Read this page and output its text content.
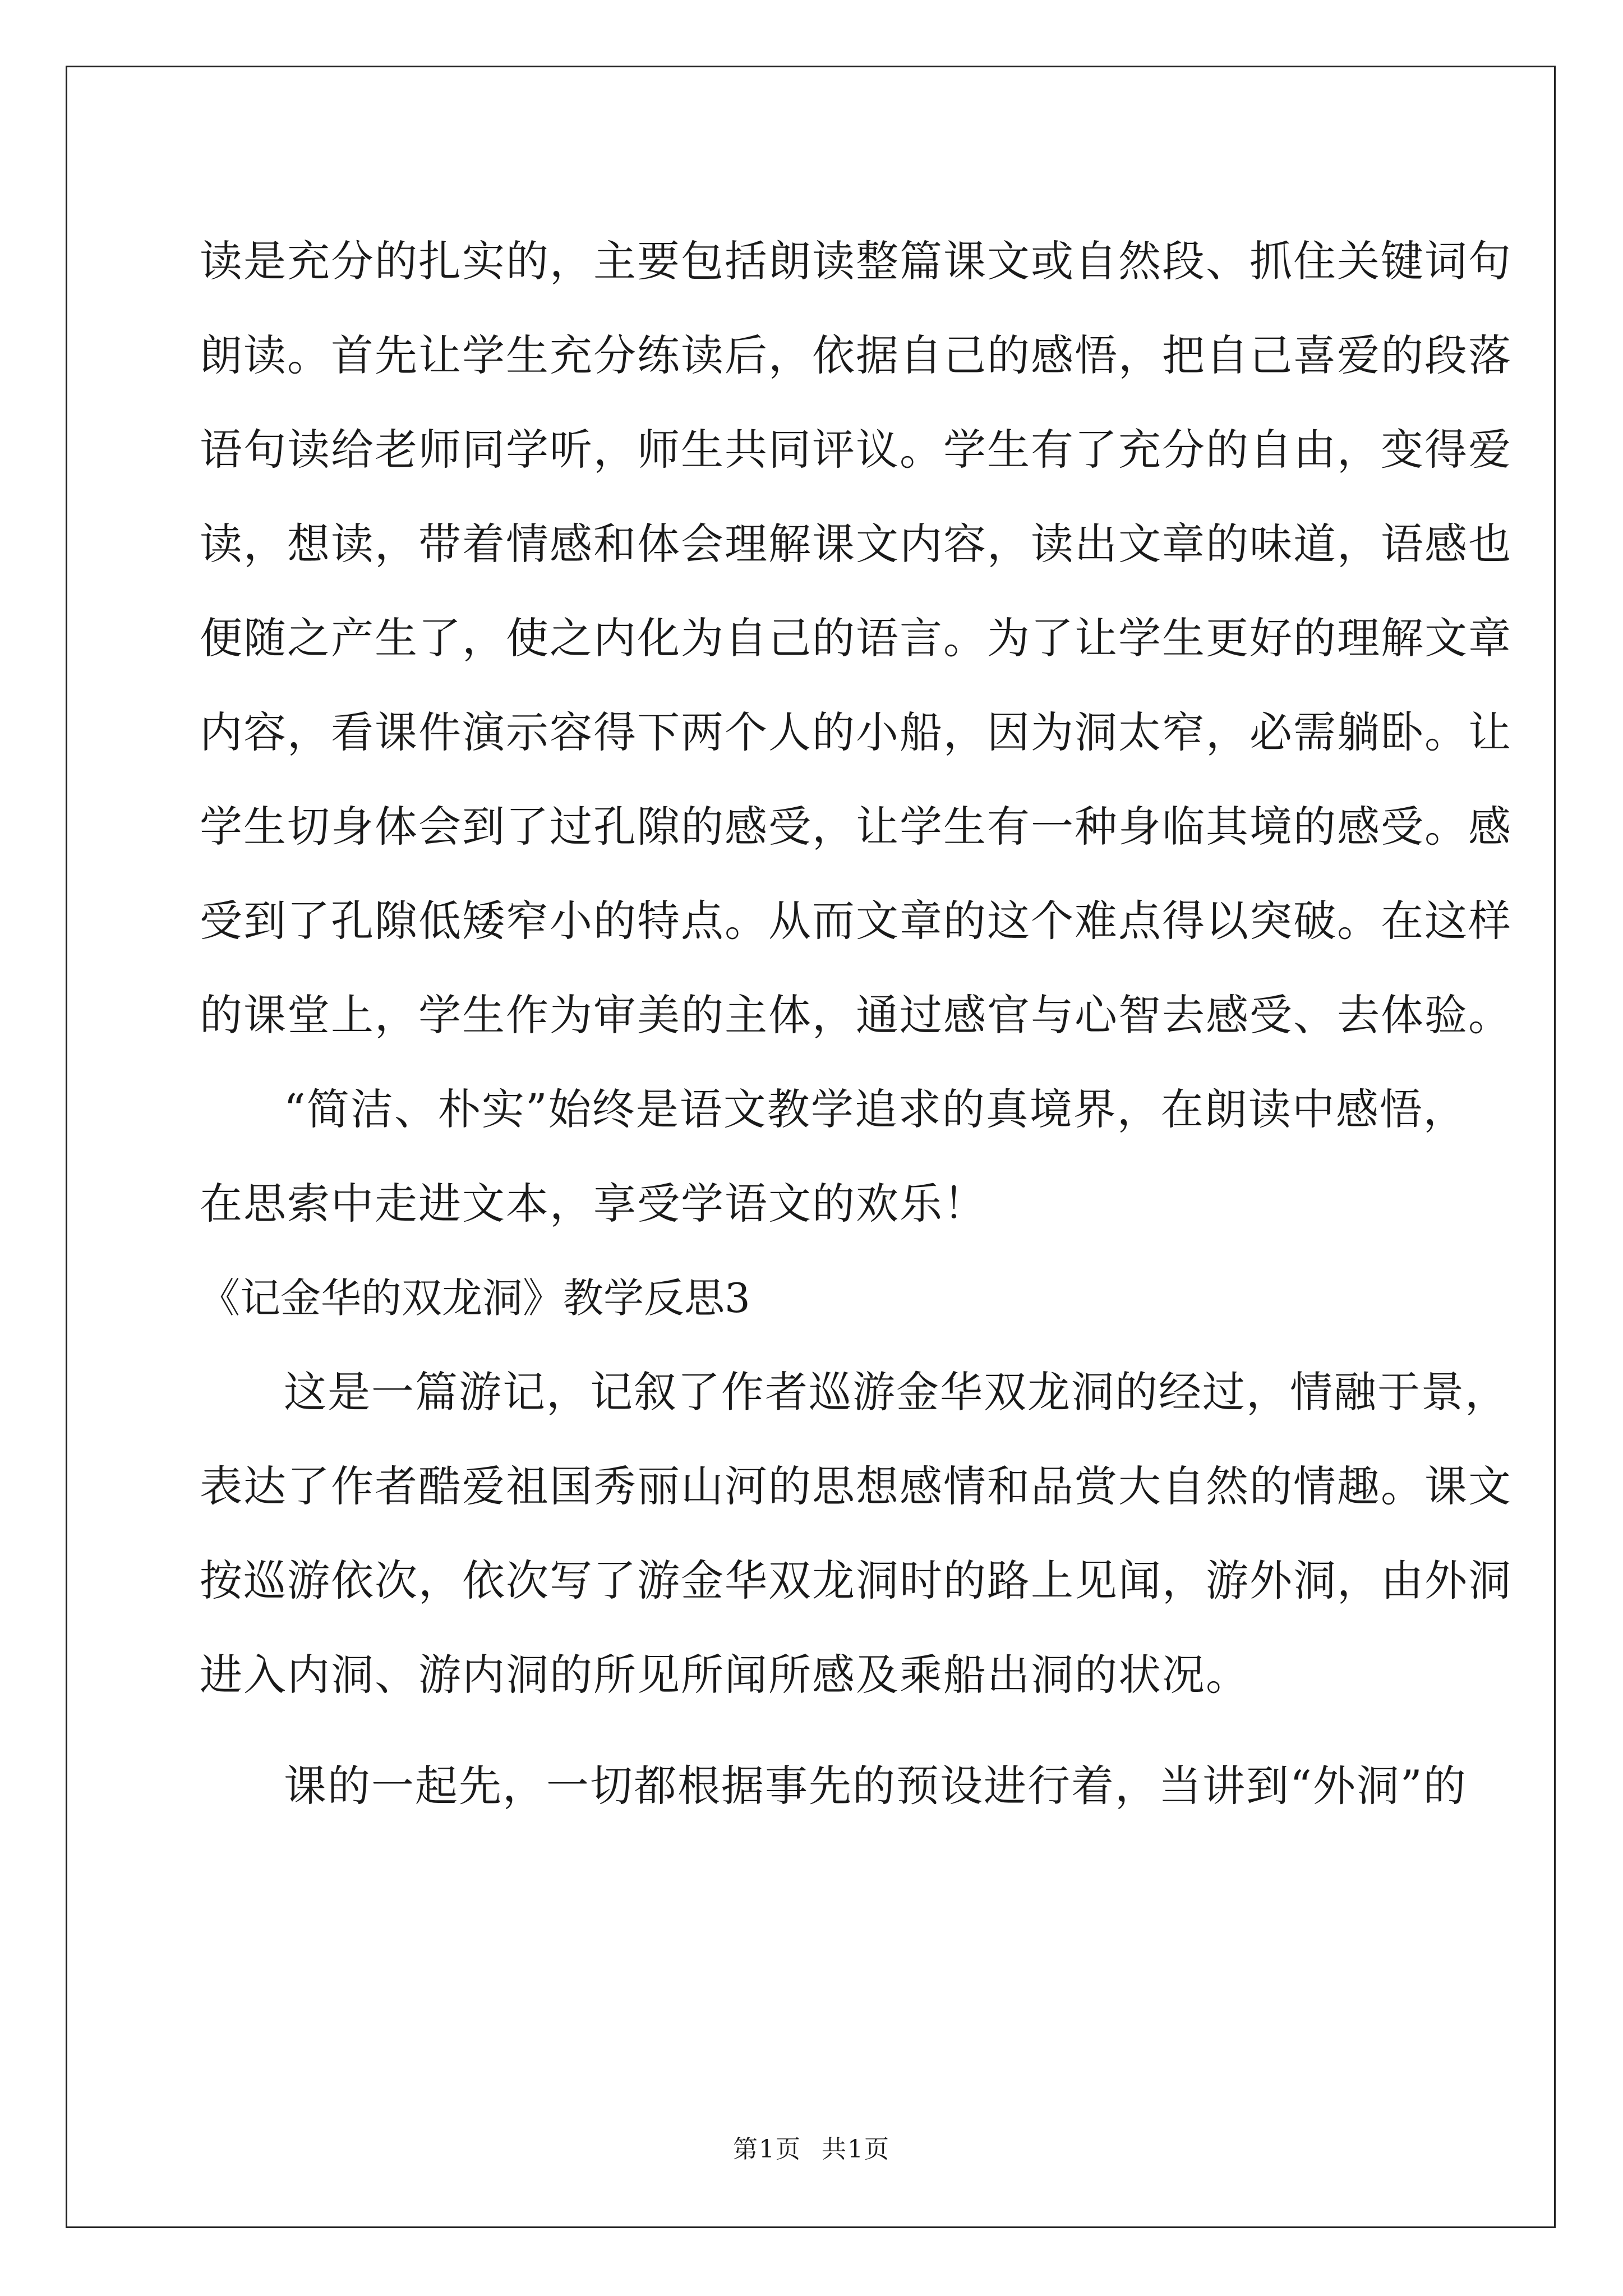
读是充分的扎实的，主要包括朗读整篇课文或自然段、抓住关键词句
朗读。首先让学生充分练读后，依据自己的感悟，把自己喜爱的段落
语句读给老师同学听，师生共同评议。学生有了充分的自由，变得爱
读，想读，带着情感和体会理解课文内容，读出文章的味道，语感也
便随之产生了，使之内化为自己的语言。为了让学生更好的理解文章
内容，看课件演示容得下两个人的小船，因为洞太窄，必需躺卧。让
学生切身体会到了过孔隙的感受，让学生有一种身临其境的感受。感
受到了孔隙低矮窄小的特点。从而文章的这个难点得以突破。在这样
的课堂上，学生作为审美的主体，通过感官与心智去感受、去体验。
“简洁、朴实”始终是语文教学追求的真境界，在朗读中感悟，
在思索中走进文本，享受学语文的欢乐！
《记金华的双龙洞》教学反思3
这是一篇游记，记叙了作者巡游金华双龙洞的经过，情融于景，
表达了作者酷爱祖国秀丽山河的思想感情和品赏大自然的情趣。课文
按巡游依次，依次写了游金华双龙洞时的路上见闻，游外洞，由外洞
进入内洞、游内洞的所见所闻所感及乘船出洞的状况。
课的一起先，一切都根据事先的预设进行着，当讲到“外洞”的
第1页 共1页
